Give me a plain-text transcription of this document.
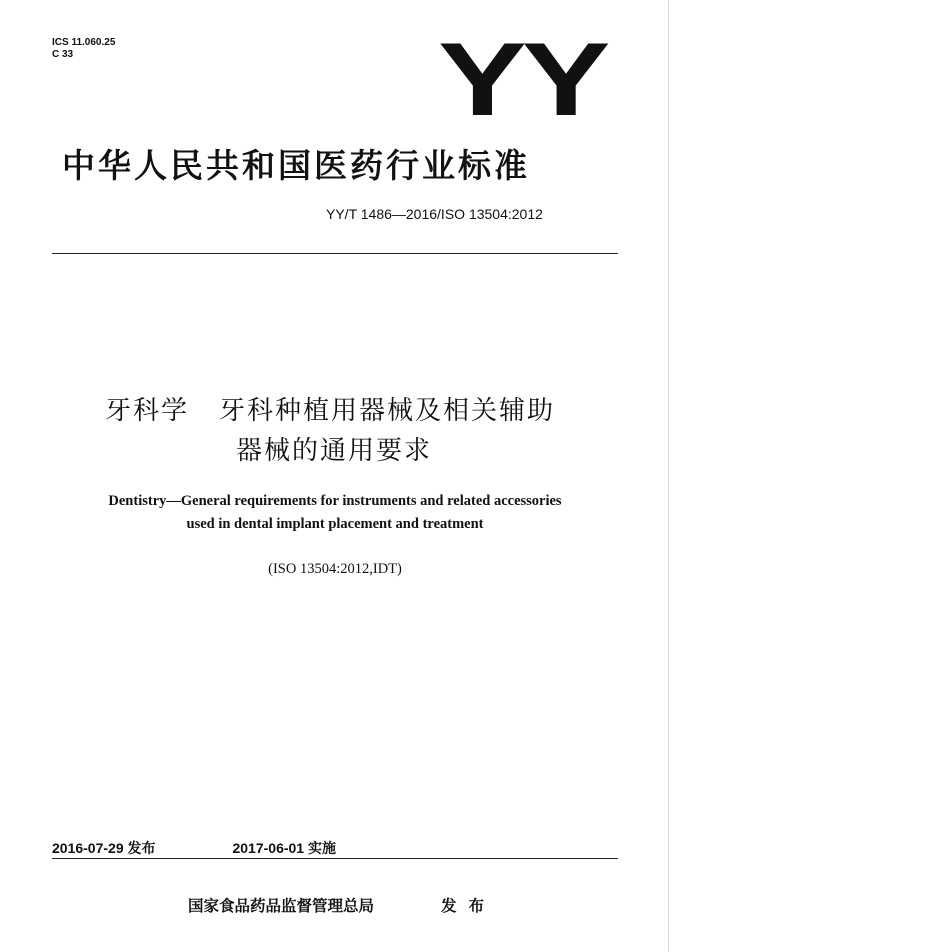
ICS 11.060.25
C 33	YY
中华人民共和国医药行业标准
YY/T 1486—2016/ISO 13504:2012
牙科学 牙科种植用器械及相关辅助
器械的通用要求
Dentistry—General requirements for instruments and related accessories
used in dental implant placement and treatment
(ISO 13504:2012,IDT)
2016-07-29 发布	2017-06-01 实施
国家食品药品监督管理总局	发布
